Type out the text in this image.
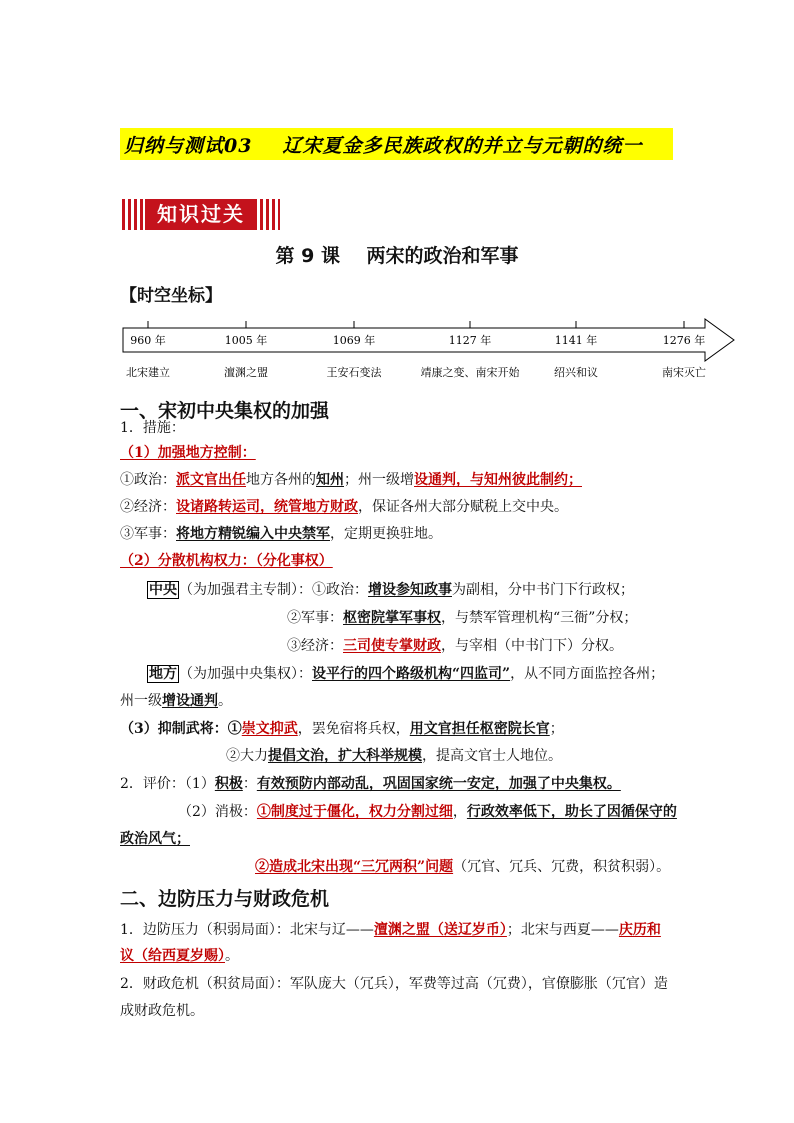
归纳与测试03 辽宋夏金多民族政权的并立与元朝的统一
知识过关
第 9 课    两宋的政治和军事
【时空坐标】
960 年
北宋建立
1005 年
澶渊之盟
1069 年
王安石变法
1127 年
靖康之变、南宋开始
1141 年
绍兴和议
1276 年
南宋灭亡
一、宋初中央集权的加强
1．措施：
（1）加强地方控制：
①政治：派文官出任地方各州的知州；州一级增设通判，与知州彼此制约；
②经济：设诸路转运司，统管地方财政，保证各州大部分赋税上交中央。
③军事：将地方精锐编入中央禁军，定期更换驻地。
（2）分散机构权力：（分化事权）
中央 （为加强君主专制）：①政治：增设参知政事为副相，分中书门下行政权；
②军事：枢密院掌军事权，与禁军管理机构“三衙”分权；
③经济：三司使专掌财政，与宰相（中书门下）分权。
地方 （为加强中央集权）：设平行的四个路级机构“四监司”，从不同方面监控各州；
州一级增设通判。
（3）抑制武将：①崇文抑武，罢免宿将兵权，用文官担任枢密院长官；
②大力提倡文治，扩大科举规模，提高文官士人地位。
2．评价：（1）积极：有效预防内部动乱，巩固国家统一安定，加强了中央集权。
（2）消极：①制度过于僵化，权力分割过细，行政效率低下，助长了因循保守的
政治风气；
②造成北宋出现“三冗两积”问题（冗官、冗兵、冗费，积贫积弱）。
二、边防压力与财政危机
1．边防压力（积弱局面）：北宋与辽——澶渊之盟（送辽岁币）；北宋与西夏——庆历和
议（给西夏岁赐）。
2．财政危机（积贫局面）：军队庞大（冗兵），军费等过高（冗费），官僚膨胀（冗官）造
成财政危机。
